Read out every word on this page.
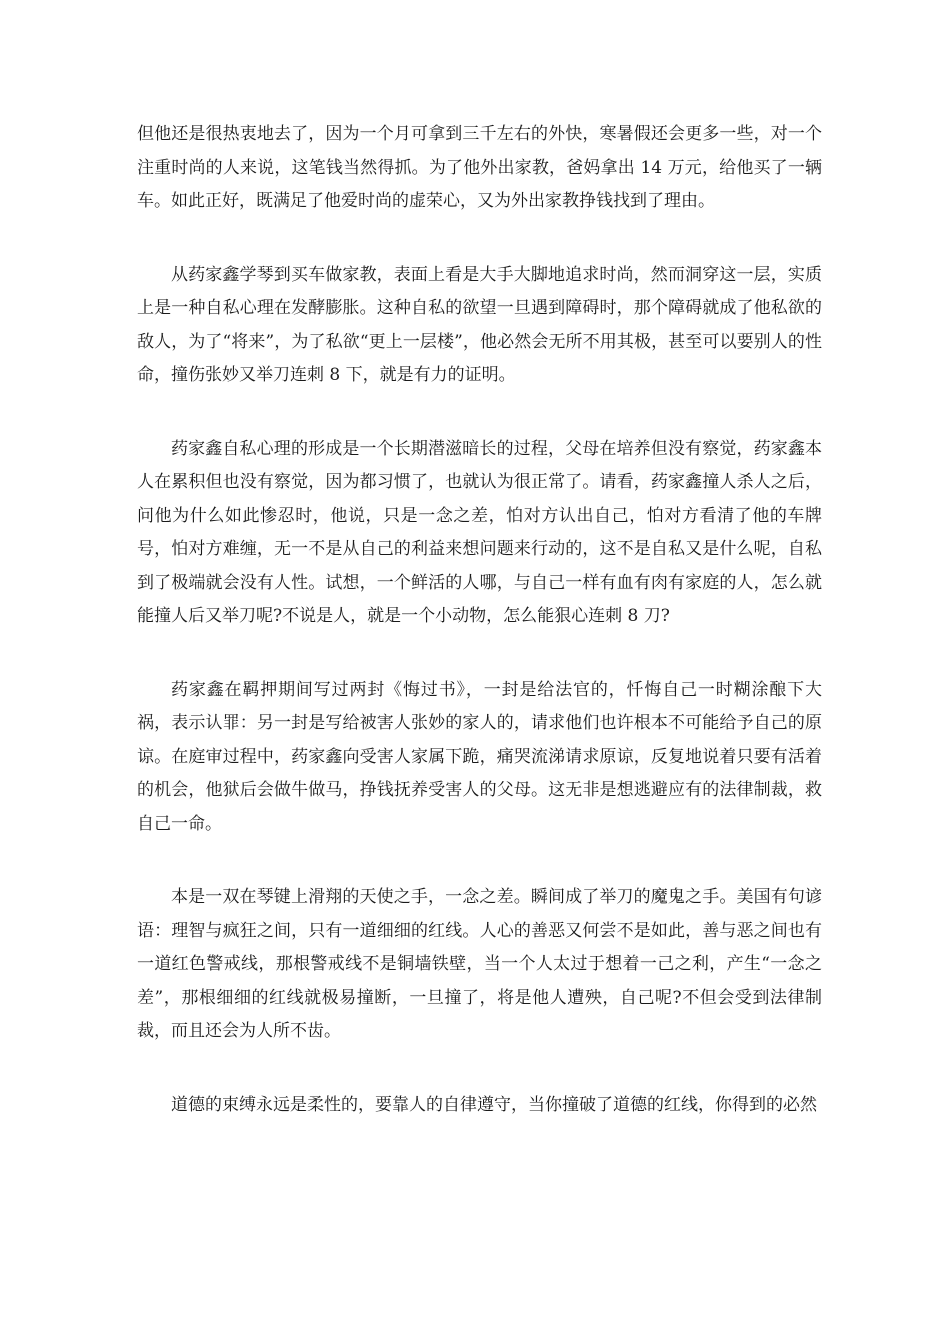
但他还是很热衷地去了，因为一个月可拿到三千左右的外快，寒暑假还会更多一些，对一个注重时尚的人来说，这笔钱当然得抓。为了他外出家教，爸妈拿出 14 万元，给他买了一辆车。如此正好，既满足了他爱时尚的虚荣心，又为外出家教挣钱找到了理由。

从药家鑫学琴到买车做家教，表面上看是大手大脚地追求时尚，然而洞穿这一层，实质上是一种自私心理在发酵膨胀。这种自私的欲望一旦遇到障碍时，那个障碍就成了他私欲的敌人，为了“将来”，为了私欲“更上一层楼”，他必然会无所不用其极，甚至可以要别人的性命，撞伤张妙又举刀连刺 8 下，就是有力的证明。

药家鑫自私心理的形成是一个长期潜滋暗长的过程，父母在培养但没有察觉，药家鑫本人在累积但也没有察觉，因为都习惯了，也就认为很正常了。请看，药家鑫撞人杀人之后，问他为什么如此惨忍时，他说，只是一念之差，怕对方认出自己，怕对方看清了他的车牌号，怕对方难缠，无一不是从自己的利益来想问题来行动的，这不是自私又是什么呢，自私到了极端就会没有人性。试想，一个鲜活的人哪，与自己一样有血有肉有家庭的人，怎么就能撞人后又举刀呢?不说是人，就是一个小动物，怎么能狠心连刺 8 刀?

药家鑫在羁押期间写过两封《悔过书》，一封是给法官的，忏悔自己一时糊涂酿下大祸，表示认罪：另一封是写给被害人张妙的家人的，请求他们也许根本不可能给予自己的原谅。在庭审过程中，药家鑫向受害人家属下跪，痛哭流涕请求原谅，反复地说着只要有活着的机会，他狱后会做牛做马，挣钱抚养受害人的父母。这无非是想逃避应有的法律制裁，救自己一命。

本是一双在琴键上滑翔的天使之手，一念之差。瞬间成了举刀的魔鬼之手。美国有句谚语：理智与疯狂之间，只有一道细细的红线。人心的善恶又何尝不是如此，善与恶之间也有一道红色警戒线，那根警戒线不是铜墙铁壁，当一个人太过于想着一己之利，产生“一念之差”，那根细细的红线就极易撞断，一旦撞了，将是他人遭殃，自己呢?不但会受到法律制裁，而且还会为人所不齿。

道德的束缚永远是柔性的，要靠人的自律遵守，当你撞破了道德的红线，你得到的必然
